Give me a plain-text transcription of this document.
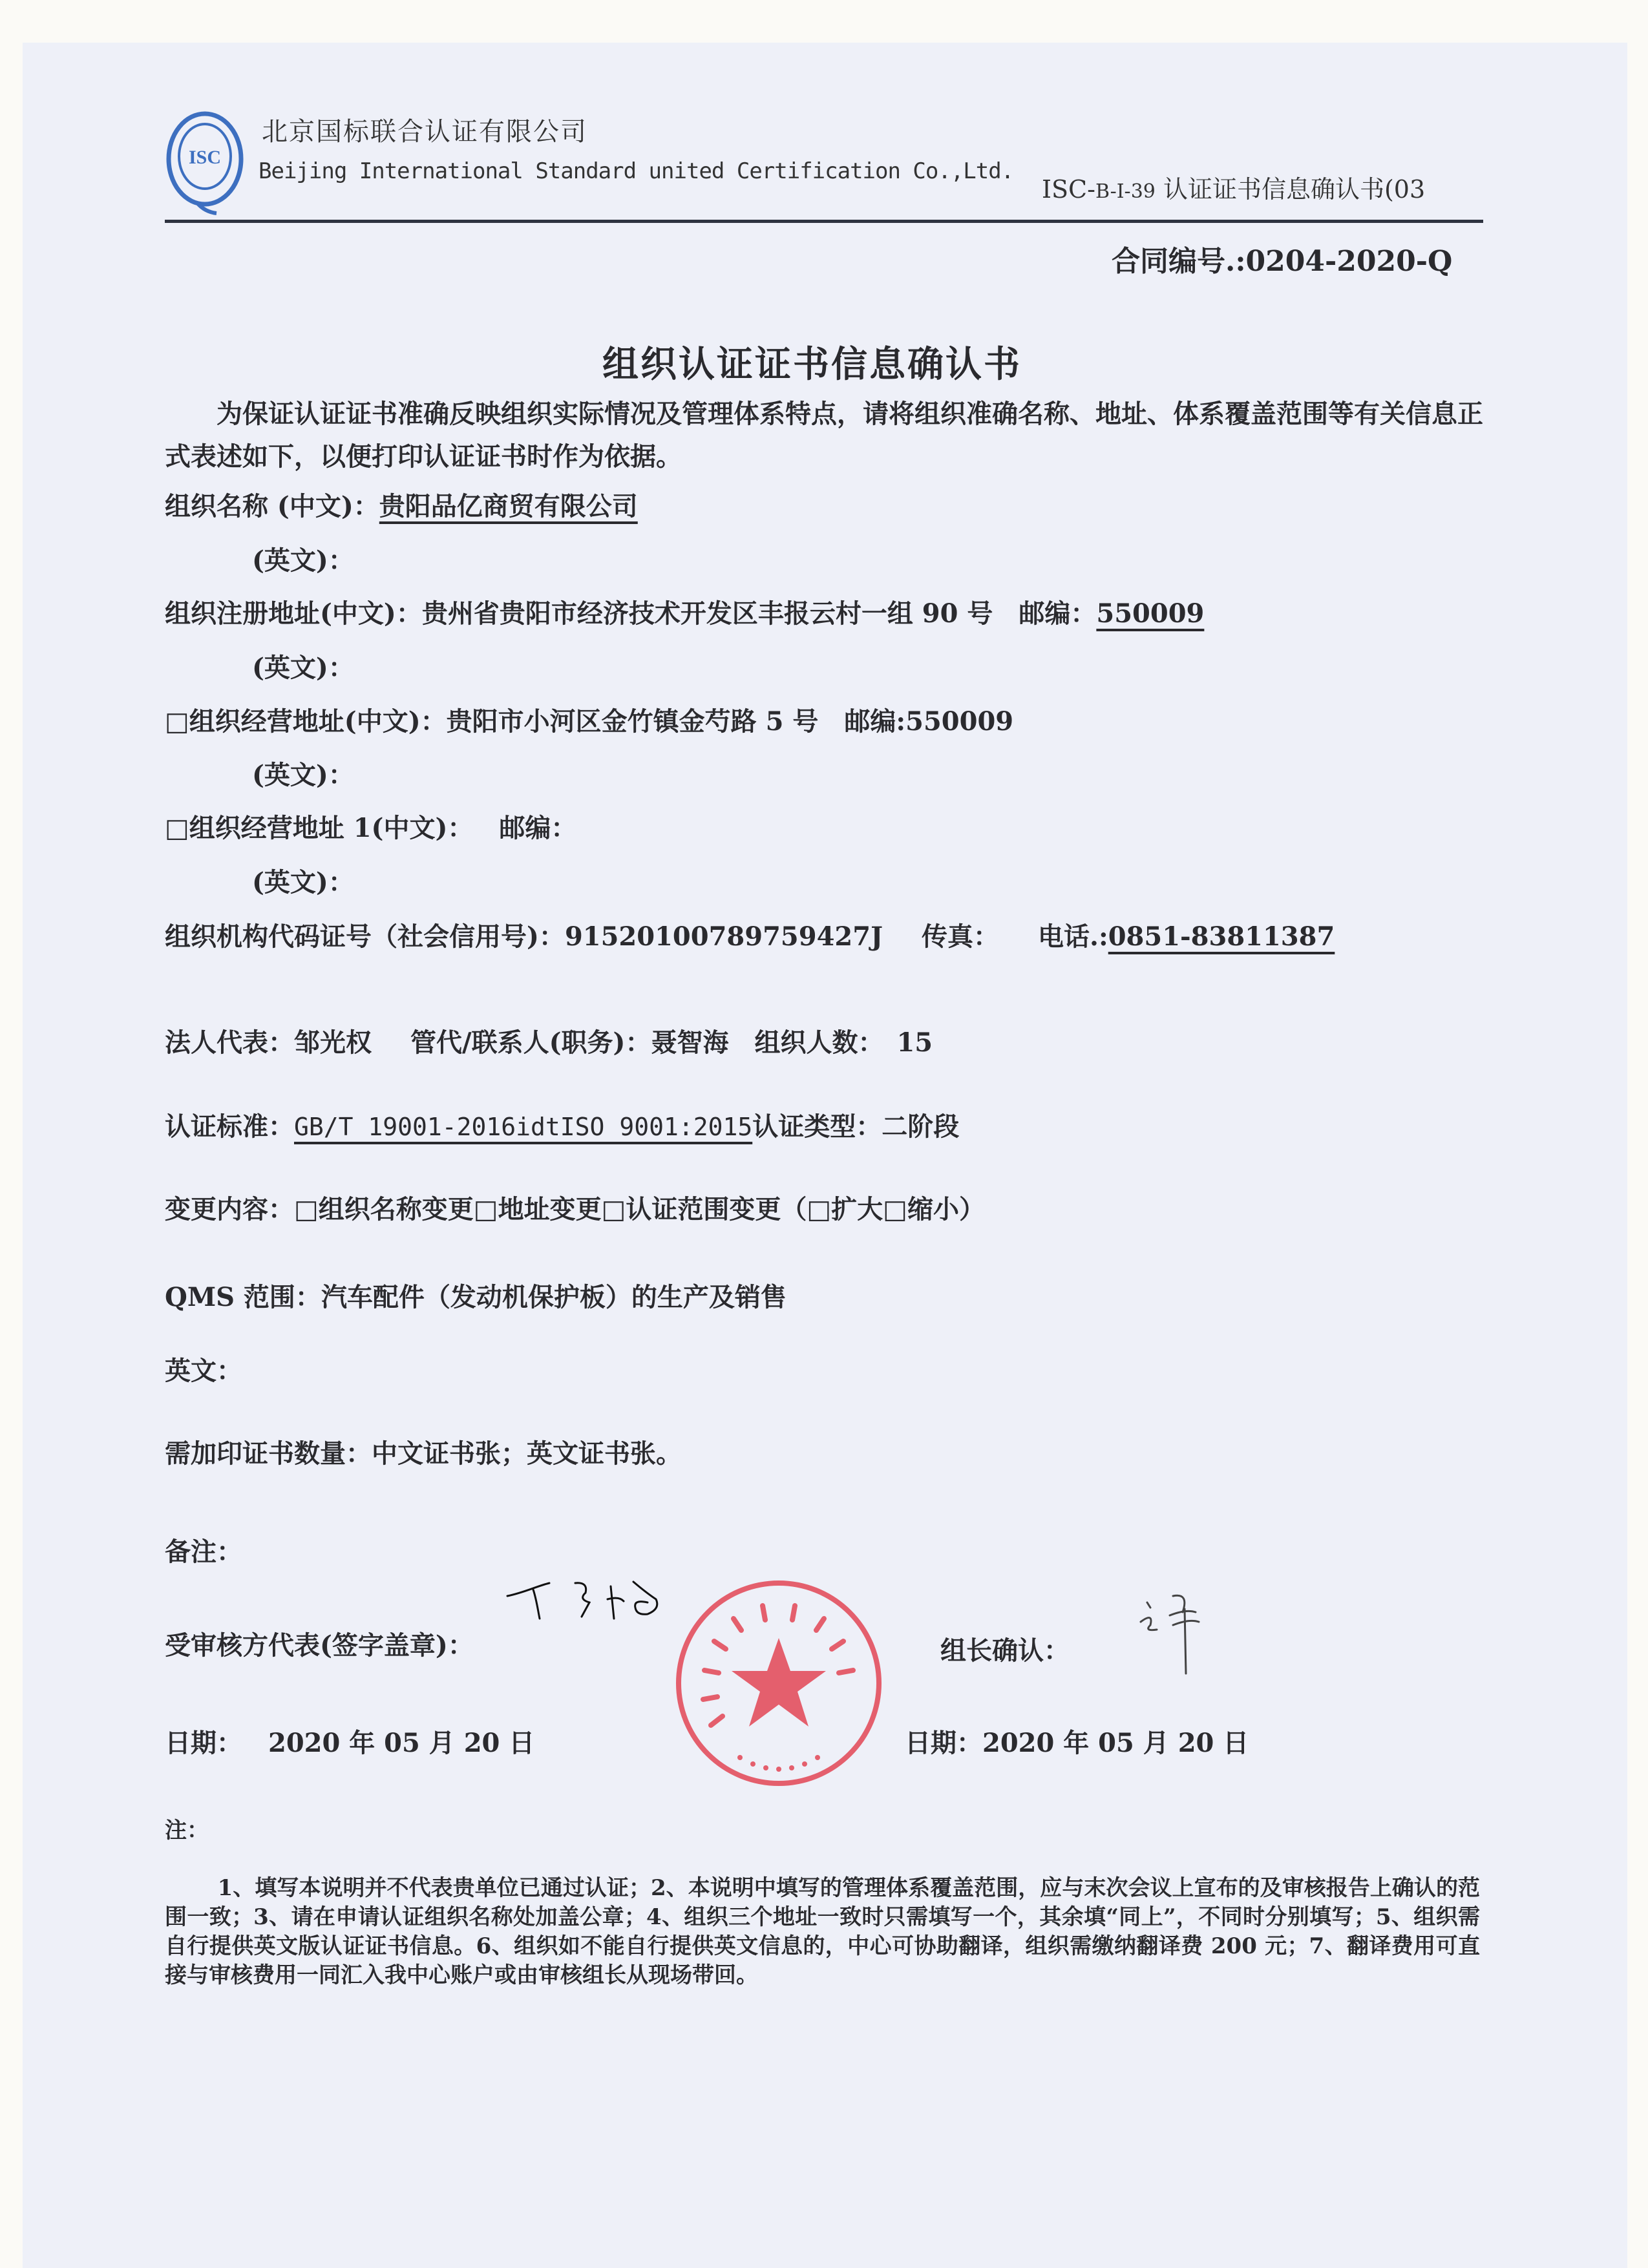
ISC
北京国标联合认证有限公司
Beijing International Standard united Certification Co.,Ltd.
ISC-B-I-39 认证证书信息确认书(03
合同编号.:0204-2020-Q
组织认证证书信息确认书
为保证认证证书准确反映组织实际情况及管理体系特点，请将组织准确名称、地址、体系覆盖范围等有关信息正式表述如下，以便打印认证证书时作为依据。
组织名称 (中文)：贵阳品亿商贸有限公司
(英文)：
组织注册地址(中文)：贵州省贵阳市经济技术开发区丰报云村一组 90 号 邮编：550009
(英文)：
□组织经营地址(中文)：贵阳市小河区金竹镇金芍路 5 号 邮编:550009
(英文)：
□组织经营地址 1(中文)： 邮编：
(英文)：
组织机构代码证号（社会信用号)：91520100789759427J 传真： 电话.:0851-83811387
法人代表：邹光权 管代/联系人(职务)：聂智海 组织人数： 15
认证标准：GB/T 19001-2016idtISO 9001:2015认证类型：二阶段
变更内容：□组织名称变更□地址变更□认证范围变更（□扩大□缩小）
QMS 范围：汽车配件（发动机保护板）的生产及销售
英文：
需加印证书数量：中文证书张；英文证书张。
备注：
受审核方代表(签字盖章)：	组长确认：
日期： 2020 年 05 月 20 日	日期：2020 年 05 月 20 日
注：
1、填写本说明并不代表贵单位已通过认证；2、本说明中填写的管理体系覆盖范围，应与末次会议上宣布的及审核报告上确认的范围一致；3、请在申请认证组织名称处加盖公章；4、组织三个地址一致时只需填写一个，其余填“同上”，不同时分别填写；5、组织需自行提供英文版认证证书信息。6、组织如不能自行提供英文信息的，中心可协助翻译，组织需缴纳翻译费 200 元；7、翻译费用可直接与审核费用一同汇入我中心账户或由审核组长从现场带回。
